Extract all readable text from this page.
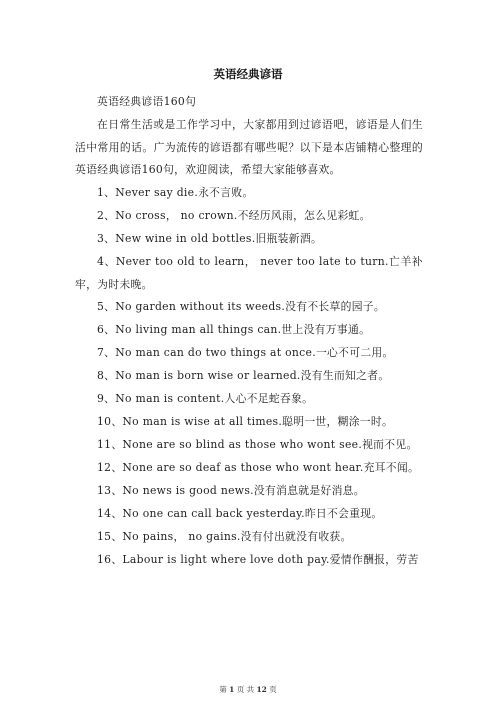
英语经典谚语
英语经典谚语160句
在日常生活或是工作学习中，大家都用到过谚语吧，谚语是人们生活中常用的话。广为流传的谚语都有哪些呢？以下是本店铺精心整理的英语经典谚语160句，欢迎阅读，希望大家能够喜欢。
1、Never say die.永不言败。
2、No cross， no crown.不经历风雨，怎么见彩虹。
3、New wine in old bottles.旧瓶装新酒。
4、Never too old to learn， never too late to turn.亡羊补牢，为时未晚。
5、No garden without its weeds.没有不长草的园子。
6、No living man all things can.世上没有万事通。
7、No man can do two things at once.一心不可二用。
8、No man is born wise or learned.没有生而知之者。
9、No man is content.人心不足蛇吞象。
10、No man is wise at all times.聪明一世，糊涂一时。
11、None are so blind as those who wont see.视而不见。
12、None are so deaf as those who wont hear.充耳不闻。
13、No news is good news.没有消息就是好消息。
14、No one can call back yesterday.昨日不会重现。
15、No pains， no gains.没有付出就没有收获。
16、Labour is light where love doth pay.爱情作酬报，劳苦
第 1 页 共 12 页
